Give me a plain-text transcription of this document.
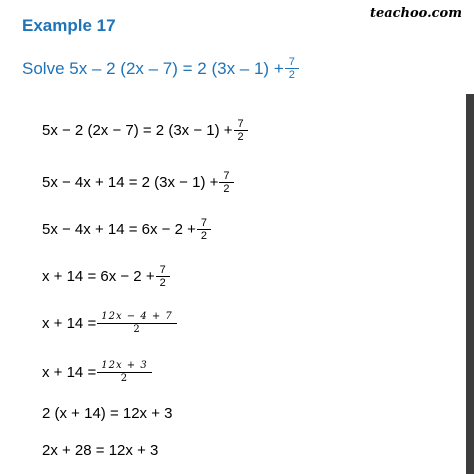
teachoo.com
Example 17
Solve 5x – 2 (2x – 7) = 2 $(3x - 1) + \frac{7}{2}$
5x − 2 (2x − 7) = 2 $(3x - 1) + \frac{7}{2}$
5x − 4x + 14 = 2 $(3x - 1) + \frac{7}{2}$
$5x - 4x + 14 = 6x - 2 + \frac{7}{2}$
$x + 14 = 6x - 2 + \frac{7}{2}$
$x + 14 = \frac{12x - 4 + 7}{2}$
$x + 14 = \frac{12x + 3}{2}$
2 (x + 14) = 12x + 3
2x + 28 = 12x + 3
